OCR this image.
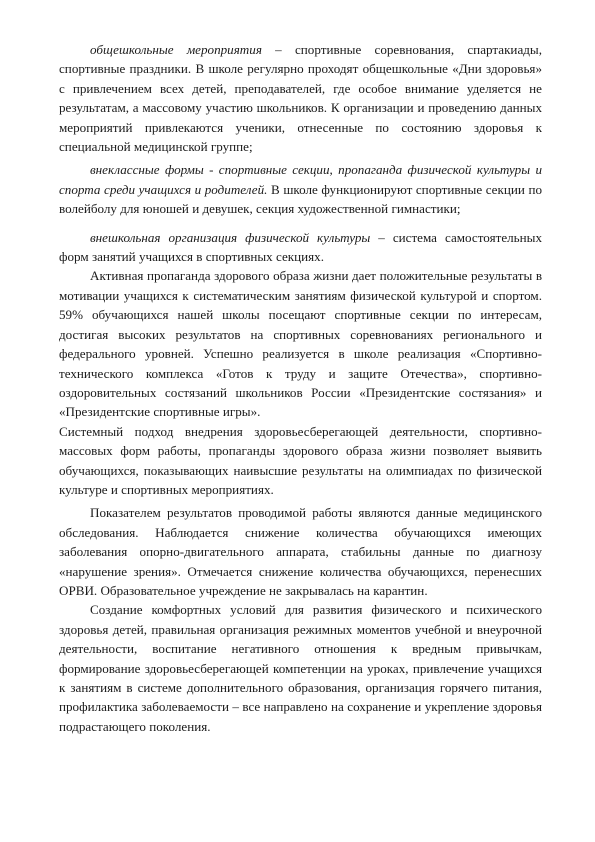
общешкольные мероприятия – спортивные соревнования, спартакиады, спортивные праздники. В школе регулярно проходят общешкольные «Дни здоровья» с привлечением всех детей, преподавателей, где особое внимание уделяется не результатам, а массовому участию школьников. К организации и проведению данных мероприятий привлекаются ученики, отнесенные по состоянию здоровья к специальной медицинской группе;

внеклассные формы - спортивные секции, пропаганда физической культуры и спорта среди учащихся и родителей. В школе функционируют спортивные секции по волейболу для юношей и девушек, секция художественной гимнастики;

внешкольная организация физической культуры – система самостоятельных форм занятий учащихся в спортивных секциях.

Активная пропаганда здорового образа жизни дает положительные результаты в мотивации учащихся к систематическим занятиям физической культурой и спортом. 59% обучающихся нашей школы посещают спортивные секции по интересам, достигая высоких результатов на спортивных соревнованиях регионального и федерального уровней. Успешно реализуется в школе реализация «Спортивно-технического комплекса «Готов к труду и защите Отечества», спортивно-оздоровительных состязаний школьников России «Президентские состязания» и «Президентские спортивные игры».

Системный подход внедрения здоровьесберегающей деятельности, спортивно-массовых форм работы, пропаганды здорового образа жизни позволяет выявить обучающихся, показывающих наивысшие результаты на олимпиадах по физической культуре и спортивных мероприятиях.

Показателем результатов проводимой работы являются данные медицинского обследования. Наблюдается снижение количества обучающихся имеющих заболевания опорно-двигательного аппарата, стабильны данные по диагнозу «нарушение зрения». Отмечается снижение количества обучающихся, перенесших ОРВИ. Образовательное учреждение не закрывалась на карантин.

Создание комфортных условий для развития физического и психического здоровья детей, правильная организация режимных моментов учебной и внеурочной деятельности, воспитание негативного отношения к вредным привычкам, формирование здоровьесберегающей компетенции на уроках, привлечение учащихся к занятиям в системе дополнительного образования, организация горячего питания, профилактика заболеваемости – все направлено на сохранение и укрепление здоровья подрастающего поколения.
